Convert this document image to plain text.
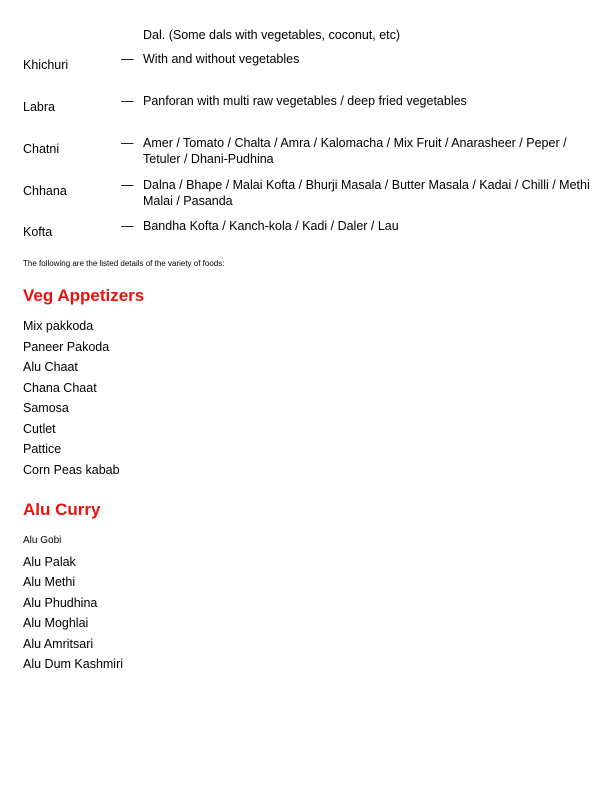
Dal. (Some dals with vegetables, coconut, etc)
Khichuri	— With and without vegetables
Labra	— Panforan with multi raw vegetables / deep fried vegetables
Chatni	— Amer / Tomato / Chalta / Amra / Kalomacha / Mix Fruit / Anarasheer / Peper / Tetuler / Dhani-Pudhina
Chhana	— Dalna / Bhape / Malai Kofta / Bhurji Masala / Butter Masala / Kadai / Chilli / Methi Malai / Pasanda
Kofta	— Bandha Kofta / Kanch-kola / Kadi / Daler / Lau
The following are the listed details of the variety of foods:
Veg Appetizers
Mix pakkoda
Paneer Pakoda
Alu Chaat
Chana Chaat
Samosa
Cutlet
Pattice
Corn Peas kabab
Alu Curry
Alu Gobi
Alu Palak
Alu Methi
Alu Phudhina
Alu Moghlai
Alu Amritsari
Alu Dum Kashmiri
